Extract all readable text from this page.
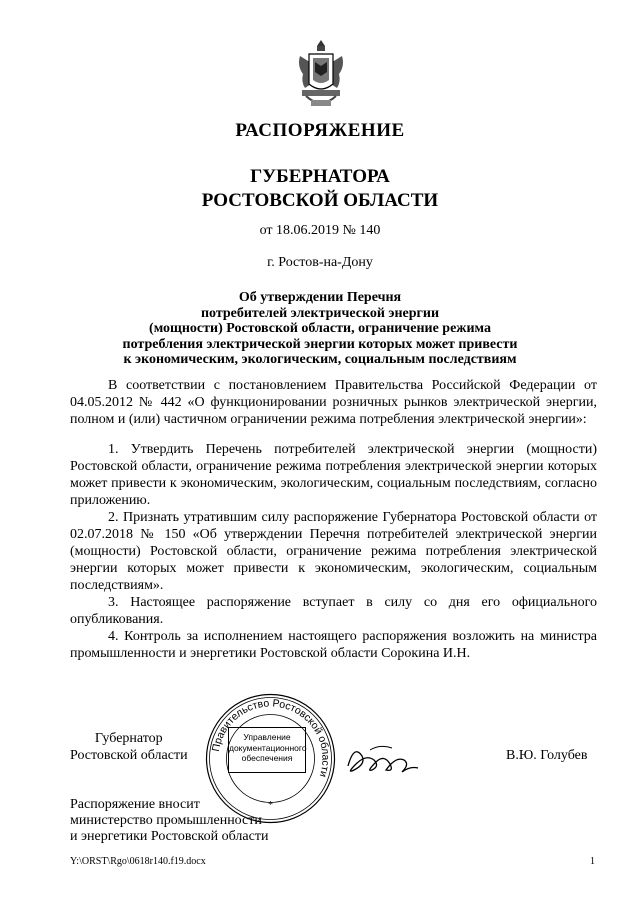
РАСПОРЯЖЕНИЕ
ГУБЕРНАТОРА
РОСТОВСКОЙ ОБЛАСТИ
от 18.06.2019 № 140
г. Ростов-на-Дону
Об утверждении Перечня
потребителей электрической энергии
(мощности) Ростовской области, ограничение режима
потребления электрической энергии которых может привести
к экономическим, экологическим, социальным последствиям

В соответствии с постановлением Правительства Российской Федерации от 04.05.2012 № 442 «О функционировании розничных рынков электрической энергии, полном и (или) частичном ограничении режима потребления электрической энергии»:

1. Утвердить Перечень потребителей электрической энергии (мощности) Ростовской области, ограничение режима потребления электрической энергии которых может привести к экономическим, экологическим, социальным последствиям, согласно приложению.

2. Признать утратившим силу распоряжение Губернатора Ростовской области от 02.07.2018 № 150 «Об утверждении Перечня потребителей электрической энергии (мощности) Ростовской области, ограничение режима потребления электрической энергии которых может привести к экономическим, экологическим, социальным последствиям».

3. Настоящее распоряжение вступает в силу со дня его официального опубликования.

4. Контроль за исполнением настоящего распоряжения возложить на министра промышленности и энергетики Ростовской области Сорокина И.Н.

Губернатор
Ростовской области
Правительство Ростовской области
*
Управление
документационного
обеспечения	В.Ю. Голубев
Распоряжение вносит
министерство промышленности
и энергетики Ростовской области
Y:\ORST\Rgo\0618r140.f19.docx	1
